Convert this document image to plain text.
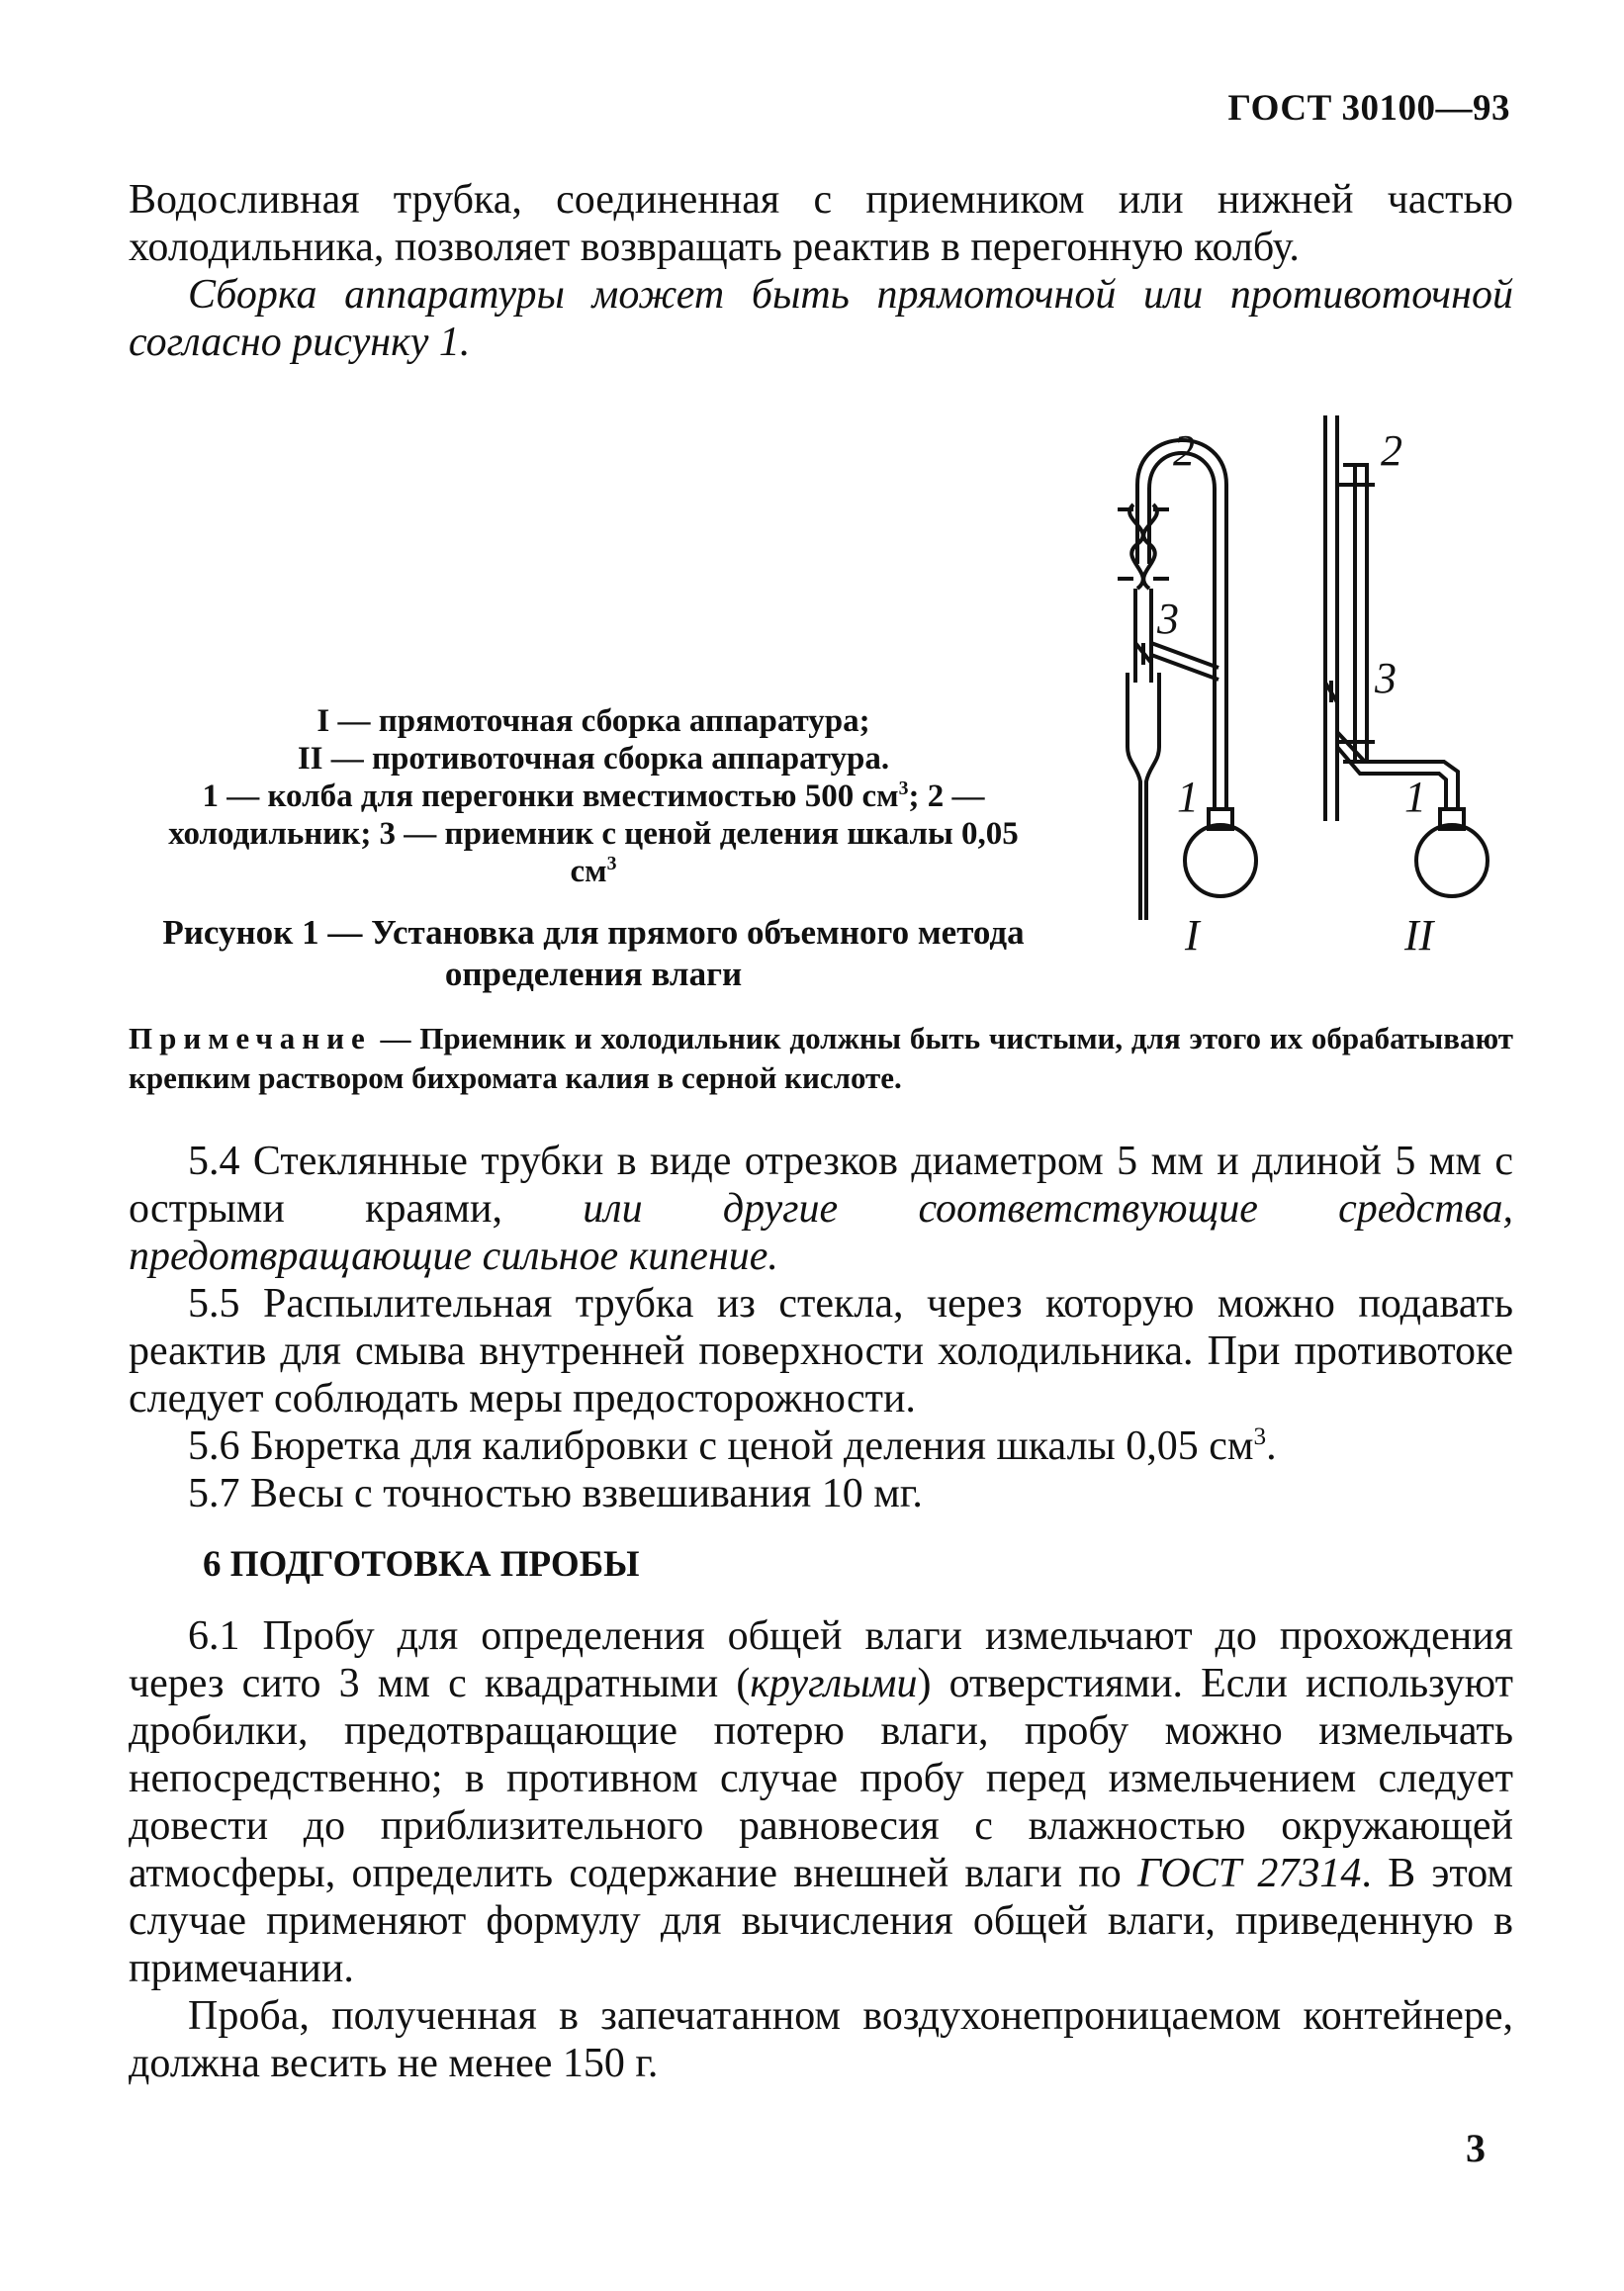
ГОСТ 30100—93

Водосливная трубка, соединенная с приемником или нижней частью холодильника, позволяет возвращать реактив в перегонную колбу.

Сборка аппаратуры может быть прямоточной или противоточной согласно рисунку 1.

I — прямоточная сборка аппаратура;

II — противоточная сборка аппаратура.

1 — колба для перегонки вместимостью 500 $см^3$; 2 — холодильник; 3 — приемник с ценой деления шкалы 0,05 $см^3$

Рисунок 1 — Установка для прямого объемного метода определения влаги
2
3
1
2
3
1
I	II
Примечание — Приемник и холодильник должны быть чистыми, для этого их обрабатывают крепким раствором бихромата калия в серной кислоте.

5.4 Стеклянные трубки в виде отрезков диаметром 5 мм и длиной 5 мм с острыми краями, или другие соответствующие средства, предотвращающие сильное кипение.

5.5 Распылительная трубка из стекла, через которую можно подавать реактив для смыва внутренней поверхности холодильника. При противотоке следует соблюдать меры предосторожности.

5.6 Бюретка для калибровки с ценой деления шкалы 0,05 $см^3$.

5.7 Весы с точностью взвешивания 10 мг.

6 ПОДГОТОВКА ПРОБЫ

6.1 Пробу для определения общей влаги измельчают до прохождения через сито 3 мм с квадратными (круглыми) отверстиями. Если используют дробилки, предотвращающие потерю влаги, пробу можно измельчать непосредственно; в противном случае пробу перед измельчением следует довести до приблизительного равновесия с влажностью окружающей атмосферы, определить содержание внешней влаги по ГОСТ 27314. В этом случае применяют формулу для вычисления общей влаги, приведенную в примечании.

Проба, полученная в запечатанном воздухонепроницаемом контейнере, должна весить не менее 150 г.

3
